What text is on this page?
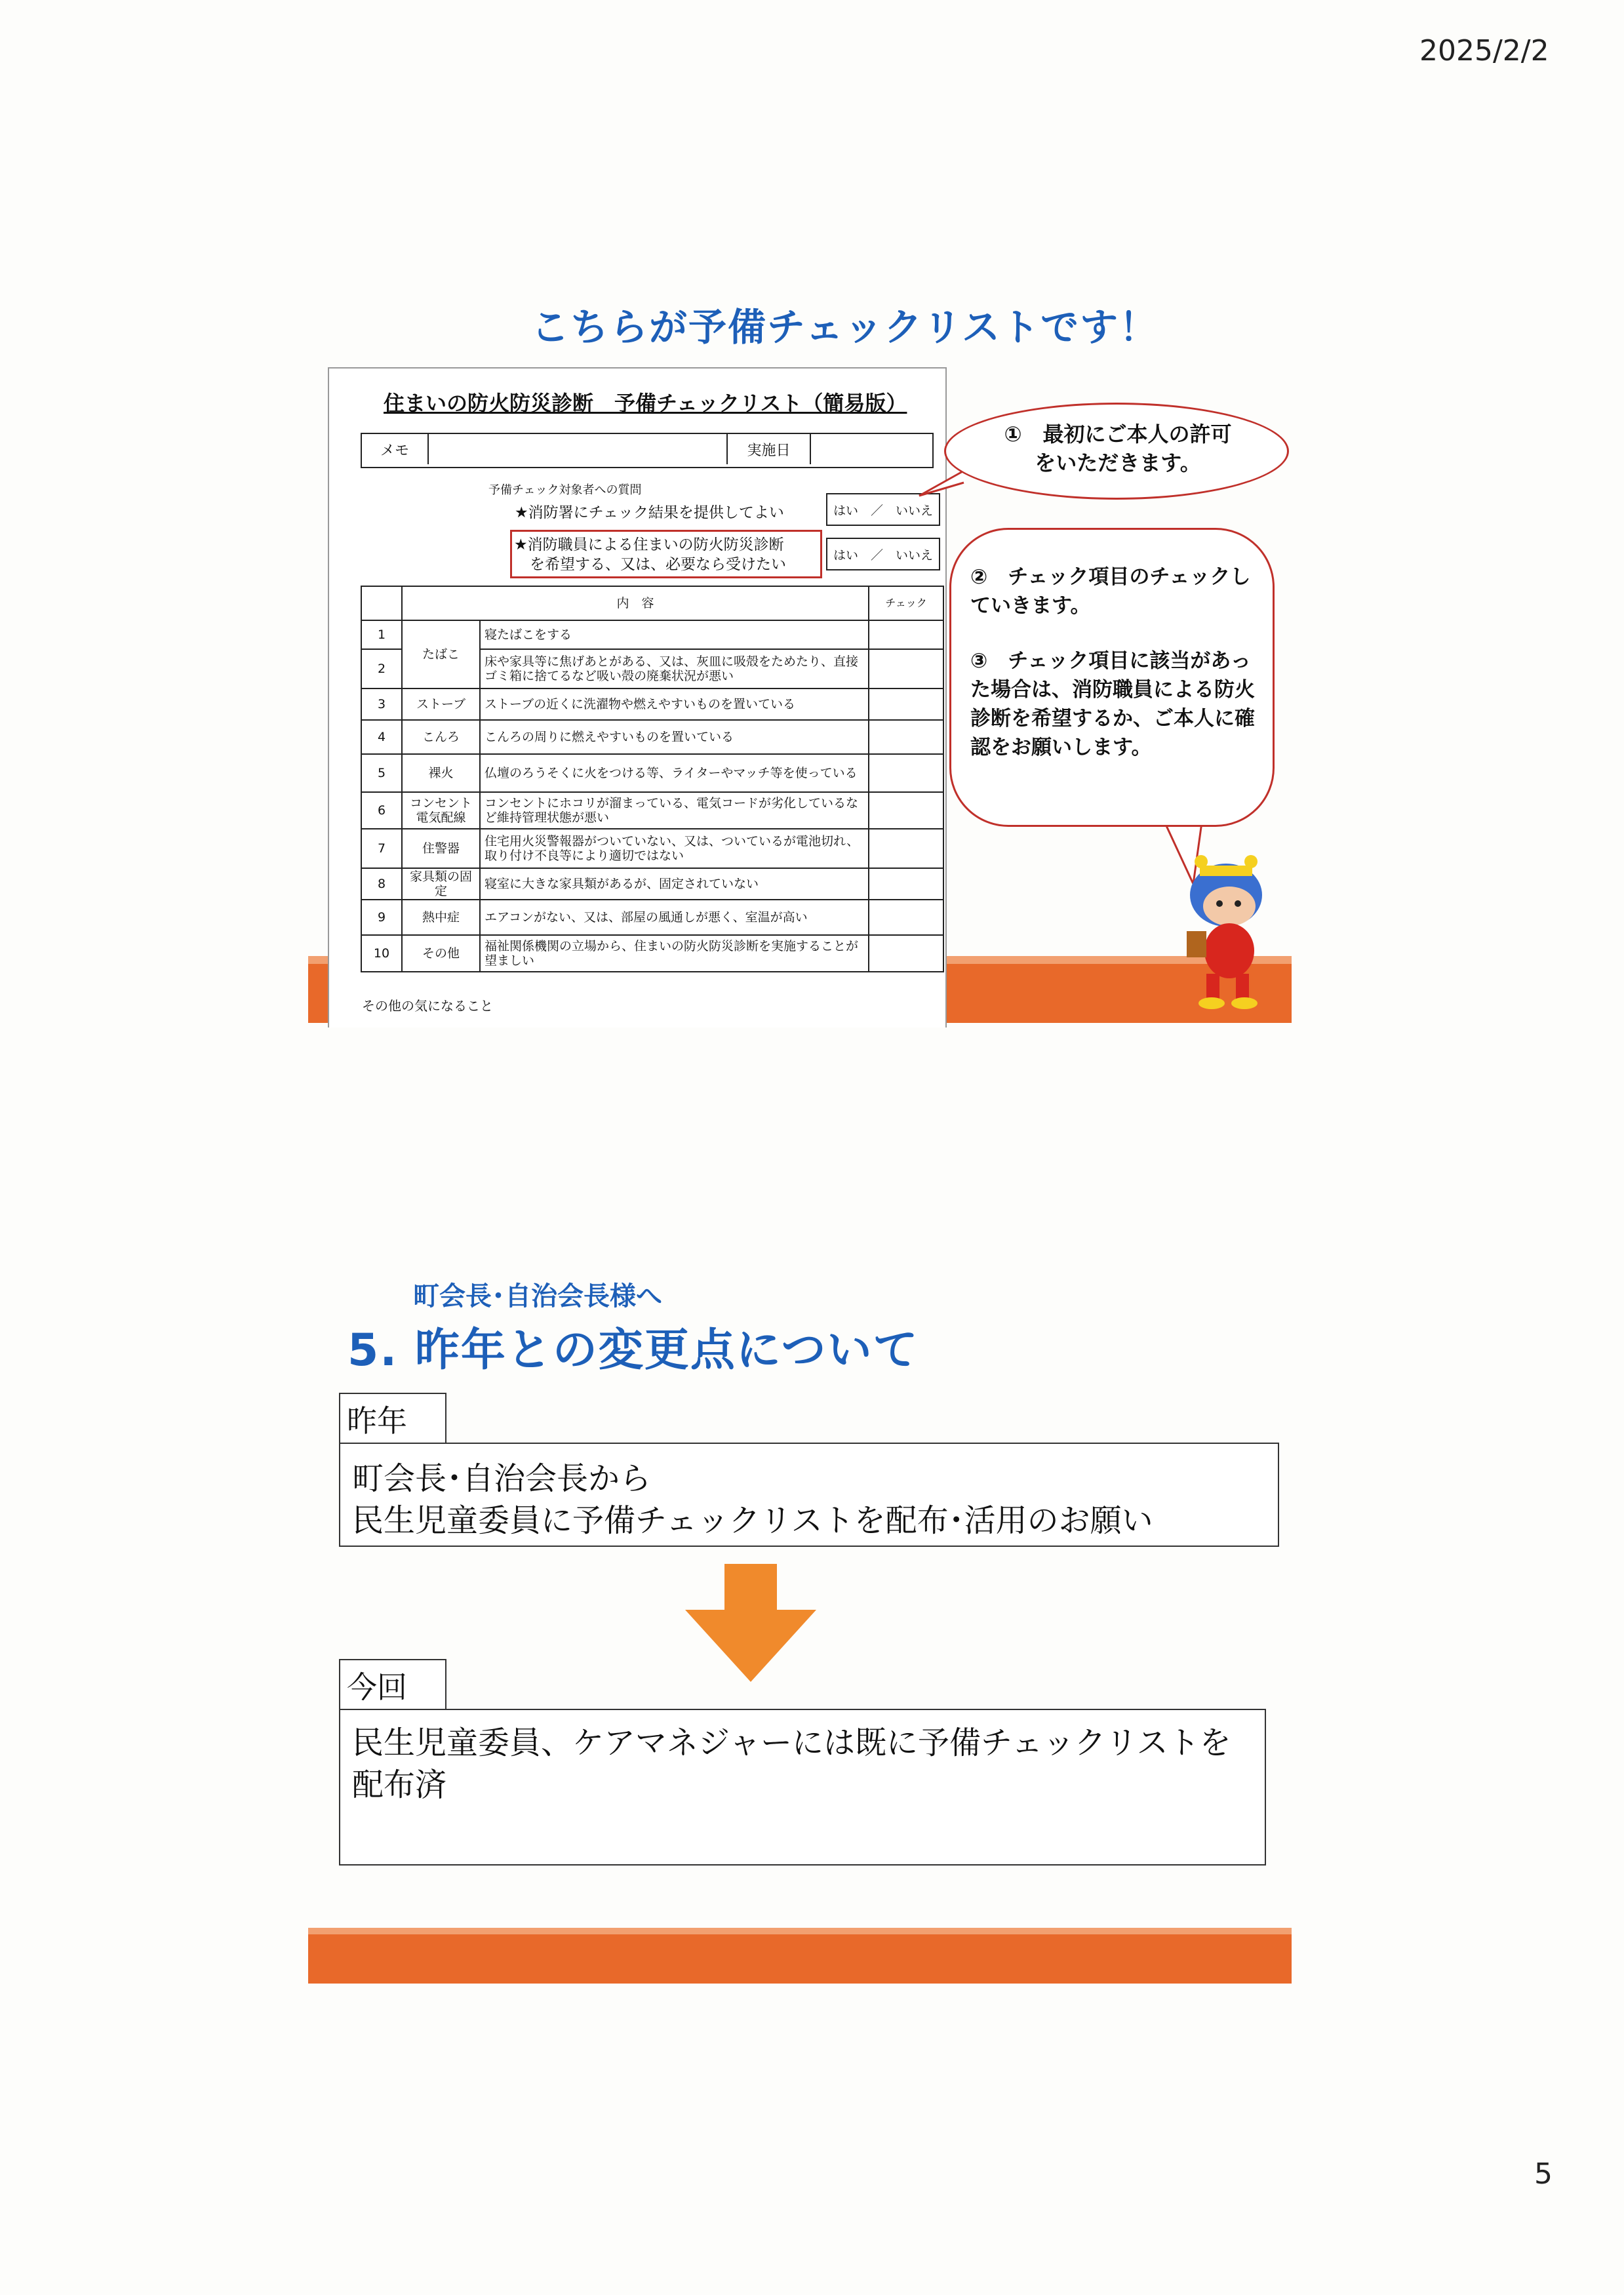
2025/2/2
5
こちらが予備チェックリストです！
住まいの防火防災診断　予備チェックリスト（簡易版）
メモ	実施日
予備チェック対象者への質問
★消防署にチェック結果を提供してよい	はい　／　いいえ
★消防職員による住まいの防火防災診断
を希望する、又は、必要なら受けたい
はい　／　いいえ
	内　容		チェック
1	たばこ	寝たばこをする	
2		床や家具等に焦げあとがある、又は、灰皿に吸殻をためたり、直接ゴミ箱に捨てるなど吸い殻の廃棄状況が悪い	
3	ストーブ	ストーブの近くに洗濯物や燃えやすいものを置いている	
4	こんろ	こんろの周りに燃えやすいものを置いている	
5	裸火	仏壇のろうそくに火をつける等、ライターやマッチ等を使っている	
6	コンセント電気配線	コンセントにホコリが溜まっている、電気コードが劣化しているなど維持管理状態が悪い	
7	住警器	住宅用火災警報器がついていない、又は、ついているが電池切れ、取り付け不良等により適切ではない	
8	家具類の固定	寝室に大きな家具類があるが、固定されていない	
9	熱中症	エアコンがない、又は、部屋の風通しが悪く、室温が高い	
10	その他	福祉関係機関の立場から、住まいの防火防災診断を実施することが望ましい	
その他の気になること
①　最初にご本人の許可をいただきます。
②　チェック項目のチェックしていきます。
③　チェック項目に該当があった場合は、消防職員による防火診断を希望するか、ご本人に確認をお願いします。
町会長･自治会長様へ
5. 昨年との変更点について
昨年

町会長･自治会長から

民生児童委員に予備チェックリストを配布･活用のお願い

今回

民生児童委員、ケアマネジャーには既に予備チェックリストを配布済
